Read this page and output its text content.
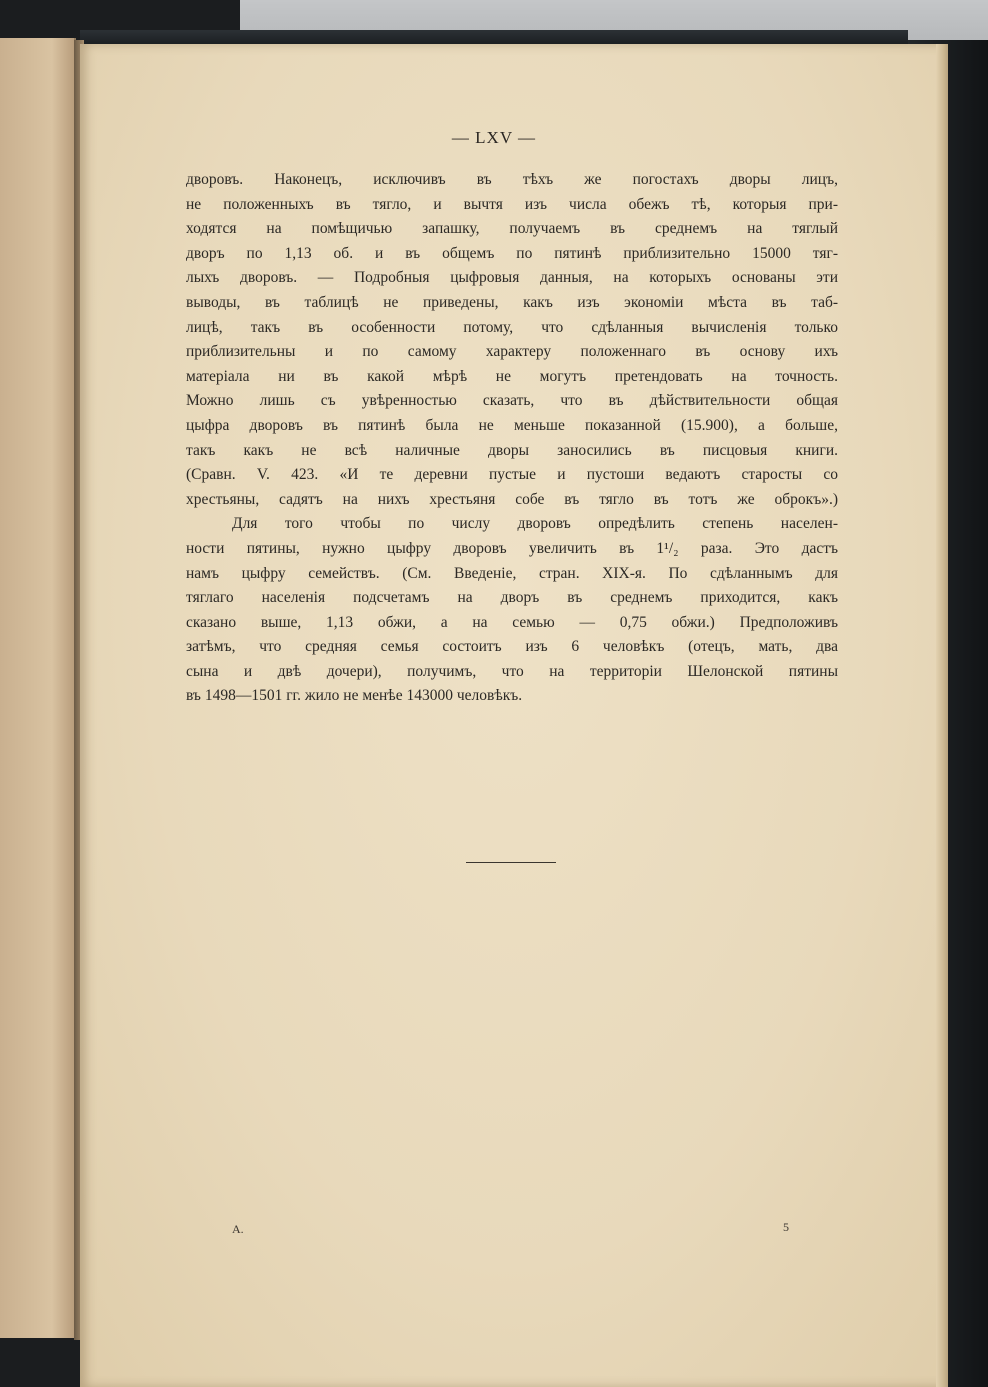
— LXV —
дворовъ. Наконецъ, исключивъ въ тѣхъ же погостахъ дворы лицъ,
не положенныхъ въ тягло, и вычтя изъ числа обежъ тѣ, которыя при-
ходятся на помѣщичью запашку, получаемъ въ среднемъ на тяглый
дворъ по 1,13 об. и въ общемъ по пятинѣ приблизительно 15000 тяг-
лыхъ дворовъ. — Подробныя цыфровыя данныя, на которыхъ основаны эти
выводы, въ таблицѣ не приведены, какъ изъ экономіи мѣста въ таб-
лицѣ, такъ въ особенности потому, что сдѣланныя вычисленія только
приблизительны и по самому характеру положеннаго въ основу ихъ
матеріала ни въ какой мѣрѣ не могутъ претендовать на точность.
Можно лишь съ увѣренностью сказать, что въ дѣйствительности общая
цыфра дворовъ въ пятинѣ была не меньше показанной (15.900), а больше,
такъ какъ не всѣ наличные дворы заносились въ писцовыя книги.
(Сравн. V. 423. «И те деревни пустые и пустоши ведаютъ старосты со
хрестьяны, садятъ на нихъ хрестьяня собе въ тягло въ тотъ же оброкъ».)
Для того чтобы по числу дворовъ опредѣлить степень населен-
ности пятины, нужно цыфру дворовъ увеличить въ 1¹/₂ раза. Это дастъ
намъ цыфру семействъ. (См. Введеніе, стран. XIX-я. По сдѣланнымъ для
тяглаго населенія подсчетамъ на дворъ въ среднемъ приходится, какъ
сказано выше, 1,13 обжи, а на семью — 0,75 обжи.) Предположивъ
затѣмъ, что средняя семья состоитъ изъ 6 человѣкъ (отецъ, мать, два
сына и двѣ дочери), получимъ, что на территоріи Шелонской пятины
въ 1498—1501 гг. жило не менѣе 143000 человѣкъ.
А.	5
